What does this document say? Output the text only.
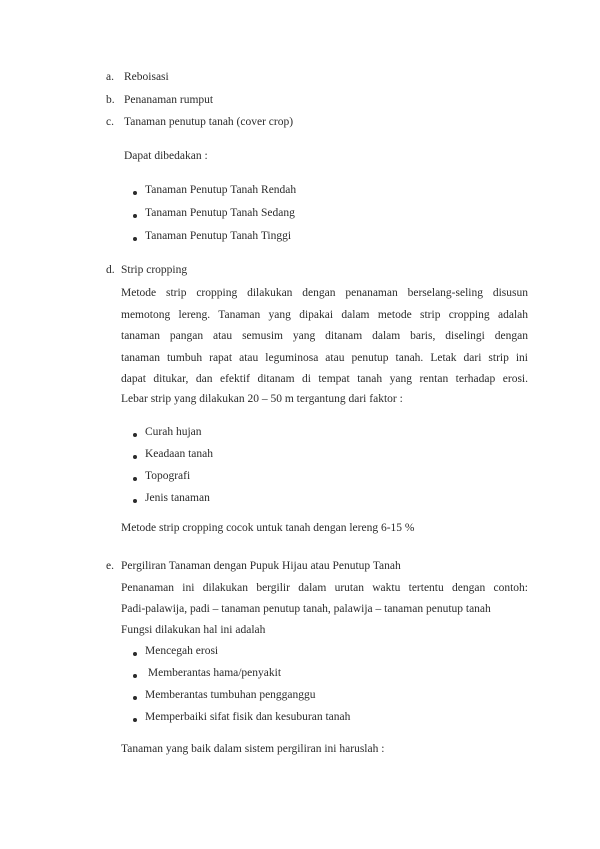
a. Reboisasi
b. Penanaman rumput
c. Tanaman penutup tanah (cover crop)
Dapat dibedakan :
Tanaman Penutup Tanah Rendah
Tanaman Penutup Tanah Sedang
Tanaman Penutup Tanah Tinggi
d. Strip cropping
Metode strip cropping dilakukan dengan penanaman berselang-seling disusun
memotong lereng. Tanaman yang dipakai dalam metode strip cropping adalah
tanaman pangan atau semusim yang ditanam dalam baris, diselingi dengan
tanaman tumbuh rapat atau leguminosa atau penutup tanah. Letak dari strip ini
dapat ditukar, dan efektif ditanam di tempat tanah yang rentan terhadap erosi.
Lebar strip yang dilakukan 20 – 50 m tergantung dari faktor :
Curah hujan
Keadaan tanah
Topografi
Jenis tanaman
Metode strip cropping cocok untuk tanah dengan lereng 6-15 %
e. Pergiliran Tanaman dengan Pupuk Hijau atau Penutup Tanah
Penanaman ini dilakukan bergilir dalam urutan waktu tertentu dengan contoh:
Padi-palawija, padi – tanaman penutup tanah, palawija – tanaman penutup tanah
Fungsi dilakukan hal ini adalah
Mencegah erosi
Memberantas hama/penyakit
Memberantas tumbuhan pengganggu
Memperbaiki sifat fisik dan kesuburan tanah
Tanaman yang baik dalam sistem pergiliran ini haruslah :
